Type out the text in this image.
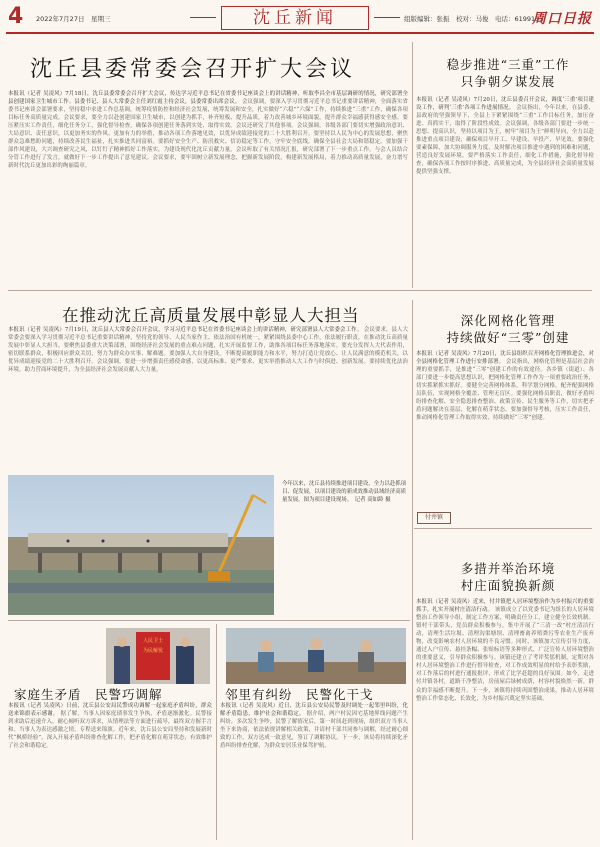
4 2022年7月27日　星期三	沈丘新闻	组版编辑：张振　校对：马俊　电话：6199133
周口日报
沈丘县委常委会召开扩大会议
本报讯（记者 吴凌风）7月18日，沈丘县委常委会召开扩大会议，传达学习近平总书记在省委书记座谈会上的讲话精神，听取李昌全市基层调研的情况，研究部署全县创建国家卫生城市工作。县委书记、县人大常委会主任刘红霞主持会议，县委常委出席会议。 会议强调，要深入学习贯彻习近平总书记重要讲话精神，全面落实省委书记座谈会部署要求，坚持稳中求进工作总基调，统筹疫情防控和经济社会发展，统筹发展和安全，扎实做好“六稳”“六保”工作，持续推进“三重”工作，确保各项目标任务高质量完成。会议要求，要全力以赴创建国家卫生城市，以创建为抓手，补齐短板、提升品质，着力改善城乡环境面貌，提升群众幸福感获得感安全感。要压紧压实工作责任，细化任务分工，强化督导检查，确保各项创建任务落到实处、取得实效。会议还研究了其他事项。会议强调，各级各部门要切实增强政治意识、大局意识、责任意识，以更加务实的作风、更加有力的举措，推动各项工作落地见效，以优异成绩迎接党的二十大胜利召开。要坚持以人民为中心的发展思想，聚焦群众急难愁盼问题，持续改善民生福祉，扎实推进共同富裕。要抓好安全生产、防汛救灾、信访稳定等工作，守牢安全底线，确保全县社会大局和谐稳定。要加强干部作风建设，大兴调查研究之风，以钉钉子精神抓好工作落实，为建设现代化沈丘贡献力量。会议听取了有关情况汇报，研究部署了下一步重点工作。与会人员结合分管工作进行了发言，就做好下一步工作提出了意见建议。会议要求，要牢固树立新发展理念，把握新发展阶段，构建新发展格局，着力推动高质量发展，奋力谱写新时代沈丘更加出彩的绚丽篇章。
稳步推进“三重”工作
只争朝夕谋发展
本报讯（记者 吴凌风）7月20日，沈丘县委召开会议，调度‘三重’项目建设工作，研判‘三重’各项工作进展情况。 会议指出，今年以来，在县委、县政府的坚强领导下，全县上下紧紧围绕“三重”工作目标任务，加压奋进、真抓实干，取得了阶段性成效。会议强调，各级各部门要进一步统一思想、提高认识，坚持以项目为王，树牢“项目为王”鲜明导向，全力以赴推进重点项目建设，确保项目早开工、早建设、早投产、早见效。要强化要素保障，加大协调服务力度，及时解决项目推进中遇到的困难和问题，营造良好发展环境。要严格落实工作责任，细化工作措施，强化督导检查，确保各项工作按时序推进、高质量完成，为全县经济社会高质量发展提供坚强支撑。
在推动沈丘高质量发展中彰显人大担当
本报讯（记者 吴凌风）7月19日，沈丘县人大常委会召开会议，学习习近平总书记在省委书记座谈会上的讲话精神，研究部署县人大常委会工作。 会议要求，县人大常委会要深入学习贯彻习近平总书记重要讲话精神，坚持党的领导、人民当家作主、依法治国有机统一，紧紧围绕县委中心工作，依法履行职责，在推动沈丘高质量发展中彰显人大担当。要聚焦县委重大决策部署，围绕经济社会发展的重点难点问题，扎实开展监督工作，助推各项目标任务落地落实。要充分发挥人大代表作用，密切联系群众，积极回应群众关切，努力为群众办实事、解难题。要加强人大自身建设，不断提高履职能力和水平，努力打造让党放心、让人民满意的模范机关，以优异成绩迎接党的二十大胜利召开。会议强调，要进一步增强责任感使命感，以更高标准、更严要求、更实举措推动人大工作与时俱进、创新发展。要持续优化法治环境，助力营商环境提升，为全县经济社会发展贡献人大力量。
今年以来，沈丘县持续推进项目建设，全力以赴抓项目、促发展，以项目建设的新成效推动县域经济高质量发展。图为项目建设现场。　记者 高如龄 摄
深化网格化管理
持续做好“三零”创建
本报讯（记者 吴凌风）7月20日，沈丘县组织召开网格化管理推进会，对全县网格化管理工作进行安排部署。 会议指出，网格化管理是基层社会治理的重要抓手，是推进“三零”创建工作的有效途径。各乡镇（街道）、各部门要进一步提高思想认识，把网格化管理工作作为一项重要政治任务，切实抓紧抓实抓好。要健全完善网格体系，科学划分网格，配齐配强网格员队伍，实现网格全覆盖、管理无盲区。要强化网格员职责，做好矛盾纠纷排查化解、安全隐患排查整治、政策宣传、民生服务等工作，切实把矛盾问题解决在基层、化解在萌芽状态。要加强督导考核，压实工作责任，推动网格化管理工作取得实效，持续做好“三零”创建。
付井镇
多措并举治环境
村庄面貌换新颜
本报讯（记者 吴凌风）近来，付井镇把人居环境整治作为乡村振兴的重要抓手，扎实开展村庄清洁行动。 该镇成立了以党委书记为组长的人居环境整治工作领导小组，制定工作方案，明确责任分工，建立健全长效机制。镇村干部带头，党员群众积极参与，集中开展了“三清一改”村庄清洁行动，清理生活垃圾、清理沟渠塘坝、清理畜禽养殖粪污等农业生产废弃物，改变影响农村人居环境的不良习惯。同时，该镇加大宣传引导力度，通过入户宣传、悬挂条幅、张贴标语等多种形式，广泛宣传人居环境整治的重要意义，引导群众积极参与。该镇还建立了考评奖惩机制，定期对各村人居环境整治工作进行督导检查，对工作成效明显的村给予表彰奖励，对工作落后的村进行通报批评，形成了比学赶超的良好氛围。如今，走进付井镇各村，道路干净整洁，房前屋后绿树成荫，村容村貌焕然一新，群众的幸福感不断提升。下一步，该镇将持续巩固整治成果，推动人居环境整治工作常态化、长效化，为乡村振兴奠定坚实基础。
人民卫士
为民解忧
家庭生矛盾　民警巧调解
本报讯（记者 吴凌风）日前，沈丘县公安局民警成功调解一起家庭矛盾纠纷，群众送来锦旗表示感谢。 据了解，当事人因家庭琐事发生争执，矛盾逐渐激化。民警接到求助后迅速介入，耐心倾听双方诉求，从情理法等方面进行疏导，最终双方握手言和。当事人为表达感激之情，专程送来锦旗。近年来，沈丘县公安局坚持和发展新时代“枫桥经验”，深入开展矛盾纠纷排查化解工作，把矛盾化解在萌芽状态，有效维护了社会和谐稳定。
邻里有纠纷　民警化干戈
本报讯（记者 吴凌风）近日，沈丘县公安局民警及时调处一起邻里纠纷，化解矛盾隐患，维护社会和谐稳定。 据介绍，两户村民因宅基地界线问题产生纠纷，多次发生争吵。民警了解情况后，第一时间赶到现场，组织双方当事人坐下来协商，依法依规讲解相关政策，并请村干部共同参与调解，经过耐心细致的工作，双方达成一致意见，签订了调解协议。下一步，该局将持续深化矛盾纠纷排查化解，为群众安居乐业保驾护航。
